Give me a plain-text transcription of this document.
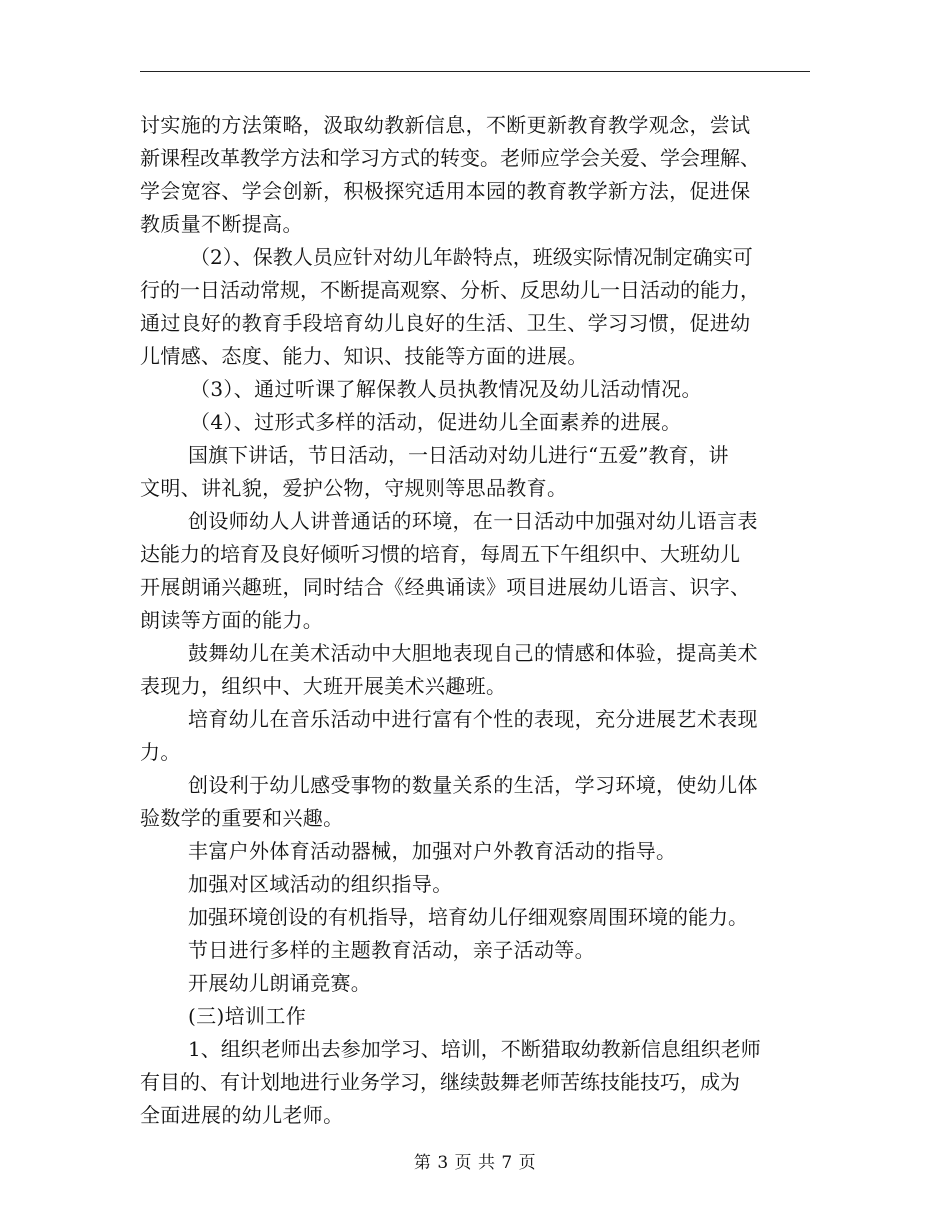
讨实施的方法策略，汲取幼教新信息，不断更新教育教学观念，尝试
新课程改革教学方法和学习方式的转变。老师应学会关爱、学会理解、
学会宽容、学会创新，积极探究适用本园的教育教学新方法，促进保
教质量不断提高。
（2）、保教人员应针对幼儿年龄特点，班级实际情况制定确实可
行的一日活动常规，不断提高观察、分析、反思幼儿一日活动的能力，
通过良好的教育手段培育幼儿良好的生活、卫生、学习习惯，促进幼
儿情感、态度、能力、知识、技能等方面的进展。
（3）、通过听课了解保教人员执教情况及幼儿活动情况。
（4）、过形式多样的活动，促进幼儿全面素养的进展。
国旗下讲话，节日活动，一日活动对幼儿进行“五爱”教育，讲
文明、讲礼貌，爱护公物，守规则等思品教育。
创设师幼人人讲普通话的环境，在一日活动中加强对幼儿语言表
达能力的培育及良好倾听习惯的培育，每周五下午组织中、大班幼儿
开展朗诵兴趣班，同时结合《经典诵读》项目进展幼儿语言、识字、
朗读等方面的能力。
鼓舞幼儿在美术活动中大胆地表现自己的情感和体验，提高美术
表现力，组织中、大班开展美术兴趣班。
培育幼儿在音乐活动中进行富有个性的表现，充分进展艺术表现
力。
创设利于幼儿感受事物的数量关系的生活，学习环境，使幼儿体
验数学的重要和兴趣。
丰富户外体育活动器械，加强对户外教育活动的指导。
加强对区域活动的组织指导。
加强环境创设的有机指导，培育幼儿仔细观察周围环境的能力。
节日进行多样的主题教育活动，亲子活动等。
开展幼儿朗诵竞赛。
(三)培训工作
1、组织老师出去参加学习、培训，不断猎取幼教新信息组织老师
有目的、有计划地进行业务学习，继续鼓舞老师苦练技能技巧，成为
全面进展的幼儿老师。
第 3 页 共 7 页
